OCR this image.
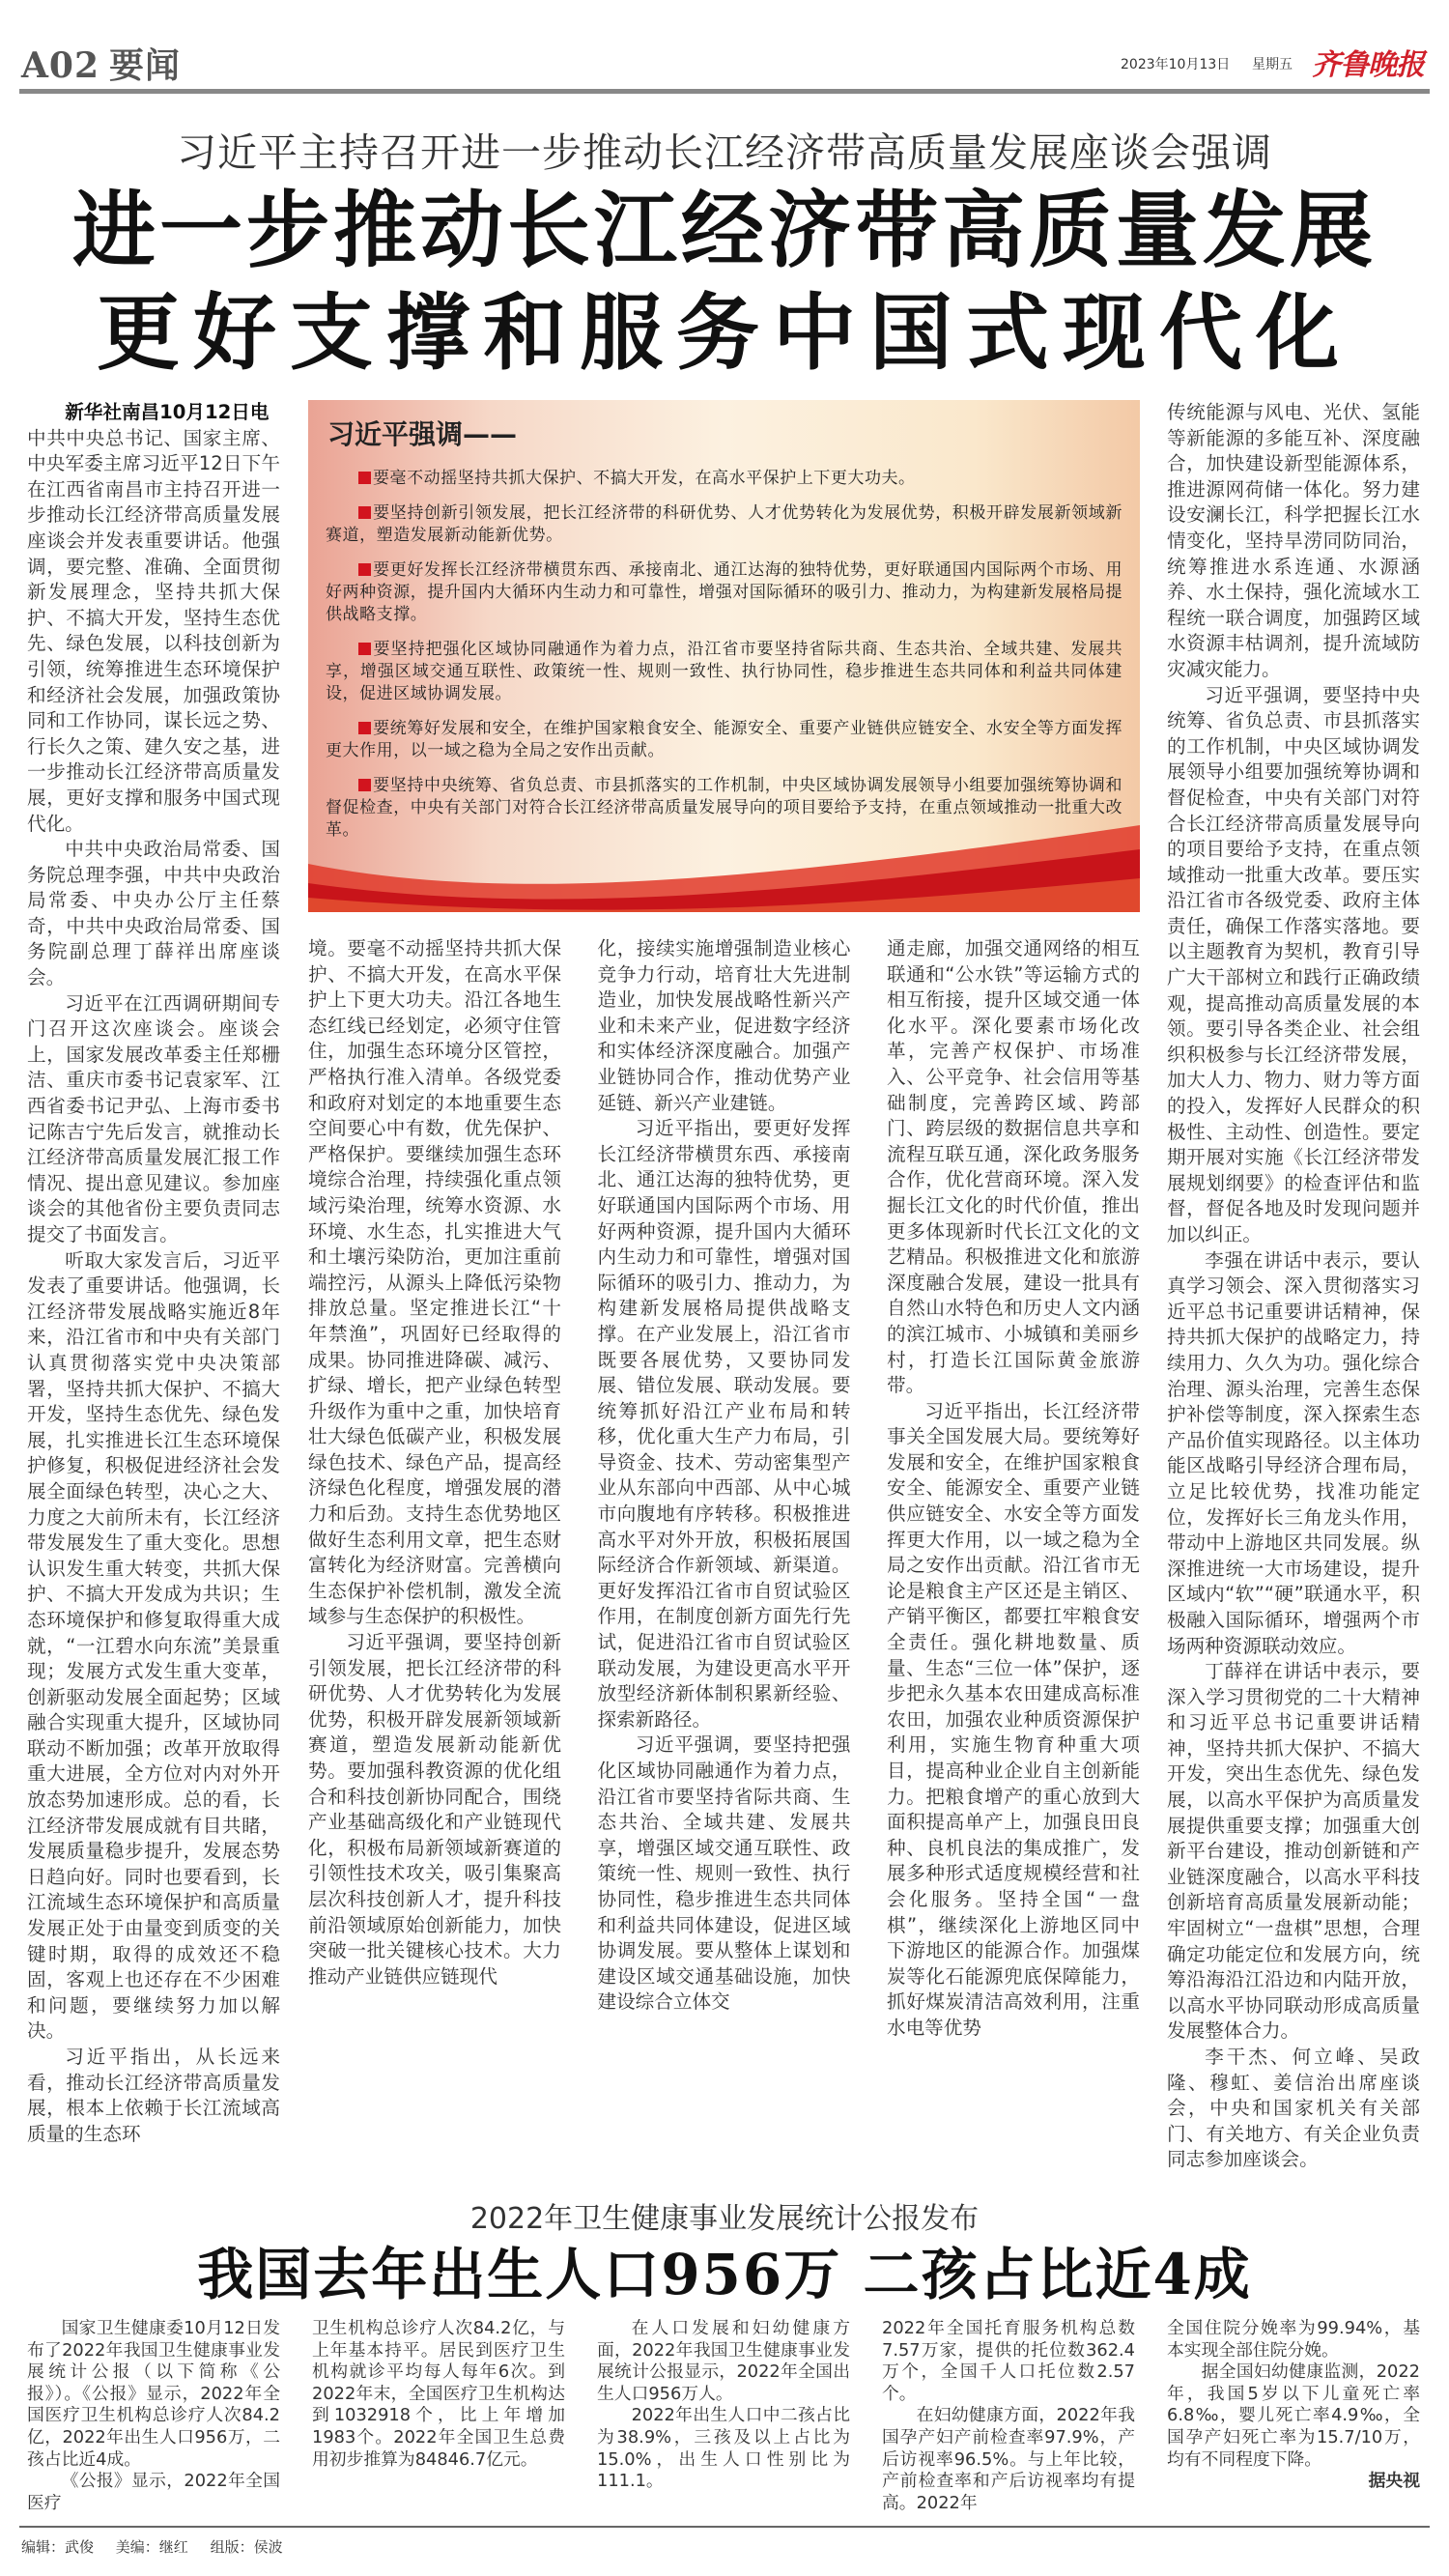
A02 要闻	2023年10月13日 星期五 齐鲁晚报
习近平主持召开进一步推动长江经济带高质量发展座谈会强调
进一步推动长江经济带高质量发展
更好支撑和服务中国式现代化

新华社南昌10月12日电　中共中央总书记、国家主席、中央军委主席习近平12日下午在江西省南昌市主持召开进一步推动长江经济带高质量发展座谈会并发表重要讲话。他强调，要完整、准确、全面贯彻新发展理念，坚持共抓大保护、不搞大开发，坚持生态优先、绿色发展，以科技创新为引领，统筹推进生态环境保护和经济社会发展，加强政策协同和工作协同，谋长远之势、行长久之策、建久安之基，进一步推动长江经济带高质量发展，更好支撑和服务中国式现代化。

中共中央政治局常委、国务院总理李强，中共中央政治局常委、中央办公厅主任蔡奇，中共中央政治局常委、国务院副总理丁薛祥出席座谈会。

习近平在江西调研期间专门召开这次座谈会。座谈会上，国家发展改革委主任郑栅洁、重庆市委书记袁家军、江西省委书记尹弘、上海市委书记陈吉宁先后发言，就推动长江经济带高质量发展汇报工作情况、提出意见建议。参加座谈会的其他省份主要负责同志提交了书面发言。

听取大家发言后，习近平发表了重要讲话。他强调，长江经济带发展战略实施近8年来，沿江省市和中央有关部门认真贯彻落实党中央决策部署，坚持共抓大保护、不搞大开发，坚持生态优先、绿色发展，扎实推进长江生态环境保护修复，积极促进经济社会发展全面绿色转型，决心之大、力度之大前所未有，长江经济带发展发生了重大变化。思想认识发生重大转变，共抓大保护、不搞大开发成为共识；生态环境保护和修复取得重大成就，“一江碧水向东流”美景重现；发展方式发生重大变革，创新驱动发展全面起势；区域融合实现重大提升，区域协同联动不断加强；改革开放取得重大进展，全方位对内对外开放态势加速形成。总的看，长江经济带发展成就有目共睹，发展质量稳步提升，发展态势日趋向好。同时也要看到，长江流域生态环境保护和高质量发展正处于由量变到质变的关键时期，取得的成效还不稳固，客观上也还存在不少困难和问题，要继续努力加以解决。

习近平指出，从长远来看，推动长江经济带高质量发展，根本上依赖于长江流域高质量的生态环

习近平强调——

要毫不动摇坚持共抓大保护、不搞大开发，在高水平保护上下更大功夫。

要坚持创新引领发展，把长江经济带的科研优势、人才优势转化为发展优势，积极开辟发展新领域新赛道，塑造发展新动能新优势。

要更好发挥长江经济带横贯东西、承接南北、通江达海的独特优势，更好联通国内国际两个市场、用好两种资源，提升国内大循环内生动力和可靠性，增强对国际循环的吸引力、推动力，为构建新发展格局提供战略支撑。

要坚持把强化区域协同融通作为着力点，沿江省市要坚持省际共商、生态共治、全域共建、发展共享，增强区域交通互联性、政策统一性、规则一致性、执行协同性，稳步推进生态共同体和利益共同体建设，促进区域协调发展。

要统筹好发展和安全，在维护国家粮食安全、能源安全、重要产业链供应链安全、水安全等方面发挥更大作用，以一域之稳为全局之安作出贡献。

要坚持中央统筹、省负总责、市县抓落实的工作机制，中央区域协调发展领导小组要加强统筹协调和督促检查，中央有关部门对符合长江经济带高质量发展导向的项目要给予支持，在重点领域推动一批重大改革。

境。要毫不动摇坚持共抓大保护、不搞大开发，在高水平保护上下更大功夫。沿江各地生态红线已经划定，必须守住管住，加强生态环境分区管控，严格执行准入清单。各级党委和政府对划定的本地重要生态空间要心中有数，优先保护、严格保护。要继续加强生态环境综合治理，持续强化重点领域污染治理，统筹水资源、水环境、水生态，扎实推进大气和土壤污染防治，更加注重前端控污，从源头上降低污染物排放总量。坚定推进长江“十年禁渔”，巩固好已经取得的成果。协同推进降碳、减污、扩绿、增长，把产业绿色转型升级作为重中之重，加快培育壮大绿色低碳产业，积极发展绿色技术、绿色产品，提高经济绿色化程度，增强发展的潜力和后劲。支持生态优势地区做好生态利用文章，把生态财富转化为经济财富。完善横向生态保护补偿机制，激发全流域参与生态保护的积极性。

习近平强调，要坚持创新引领发展，把长江经济带的科研优势、人才优势转化为发展优势，积极开辟发展新领域新赛道，塑造发展新动能新优势。要加强科教资源的优化组合和科技创新协同配合，围绕产业基础高级化和产业链现代化，积极布局新领域新赛道的引领性技术攻关，吸引集聚高层次科技创新人才，提升科技前沿领域原始创新能力，加快突破一批关键核心技术。大力推动产业链供应链现代

化，接续实施增强制造业核心竞争力行动，培育壮大先进制造业，加快发展战略性新兴产业和未来产业，促进数字经济和实体经济深度融合。加强产业链协同合作，推动优势产业延链、新兴产业建链。

习近平指出，要更好发挥长江经济带横贯东西、承接南北、通江达海的独特优势，更好联通国内国际两个市场、用好两种资源，提升国内大循环内生动力和可靠性，增强对国际循环的吸引力、推动力，为构建新发展格局提供战略支撑。在产业发展上，沿江省市既要各展优势，又要协同发展、错位发展、联动发展。要统筹抓好沿江产业布局和转移，优化重大生产力布局，引导资金、技术、劳动密集型产业从东部向中西部、从中心城市向腹地有序转移。积极推进高水平对外开放，积极拓展国际经济合作新领域、新渠道。更好发挥沿江省市自贸试验区作用，在制度创新方面先行先试，促进沿江省市自贸试验区联动发展，为建设更高水平开放型经济新体制积累新经验、探索新路径。

习近平强调，要坚持把强化区域协同融通作为着力点，沿江省市要坚持省际共商、生态共治、全域共建、发展共享，增强区域交通互联性、政策统一性、规则一致性、执行协同性，稳步推进生态共同体和利益共同体建设，促进区域协调发展。要从整体上谋划和建设区域交通基础设施，加快建设综合立体交

通走廊，加强交通网络的相互联通和“公水铁”等运输方式的相互衔接，提升区域交通一体化水平。深化要素市场化改革，完善产权保护、市场准入、公平竞争、社会信用等基础制度，完善跨区域、跨部门、跨层级的数据信息共享和流程互联互通，深化政务服务合作，优化营商环境。深入发掘长江文化的时代价值，推出更多体现新时代长江文化的文艺精品。积极推进文化和旅游深度融合发展，建设一批具有自然山水特色和历史人文内涵的滨江城市、小城镇和美丽乡村，打造长江国际黄金旅游带。

习近平指出，长江经济带事关全国发展大局。要统筹好发展和安全，在维护国家粮食安全、能源安全、重要产业链供应链安全、水安全等方面发挥更大作用，以一域之稳为全局之安作出贡献。沿江省市无论是粮食主产区还是主销区、产销平衡区，都要扛牢粮食安全责任。强化耕地数量、质量、生态“三位一体”保护，逐步把永久基本农田建成高标准农田，加强农业种质资源保护利用，实施生物育种重大项目，提高种业企业自主创新能力。把粮食增产的重心放到大面积提高单产上，加强良田良种、良机良法的集成推广，发展多种形式适度规模经营和社会化服务。坚持全国“一盘棋”，继续深化上游地区同中下游地区的能源合作。加强煤炭等化石能源兜底保障能力，抓好煤炭清洁高效利用，注重水电等优势

传统能源与风电、光伏、氢能等新能源的多能互补、深度融合，加快建设新型能源体系，推进源网荷储一体化。努力建设安澜长江，科学把握长江水情变化，坚持旱涝同防同治，统筹推进水系连通、水源涵养、水土保持，强化流域水工程统一联合调度，加强跨区域水资源丰枯调剂，提升流域防灾减灾能力。

习近平强调，要坚持中央统筹、省负总责、市县抓落实的工作机制，中央区域协调发展领导小组要加强统筹协调和督促检查，中央有关部门对符合长江经济带高质量发展导向的项目要给予支持，在重点领域推动一批重大改革。要压实沿江省市各级党委、政府主体责任，确保工作落实落地。要以主题教育为契机，教育引导广大干部树立和践行正确政绩观，提高推动高质量发展的本领。要引导各类企业、社会组织积极参与长江经济带发展，加大人力、物力、财力等方面的投入，发挥好人民群众的积极性、主动性、创造性。要定期开展对实施《长江经济带发展规划纲要》的检查评估和监督，督促各地及时发现问题并加以纠正。

李强在讲话中表示，要认真学习领会、深入贯彻落实习近平总书记重要讲话精神，保持共抓大保护的战略定力，持续用力、久久为功。强化综合治理、源头治理，完善生态保护补偿等制度，深入探索生态产品价值实现路径。以主体功能区战略引导经济合理布局，立足比较优势，找准功能定位，发挥好长三角龙头作用，带动中上游地区共同发展。纵深推进统一大市场建设，提升区域内“软”“硬”联通水平，积极融入国际循环，增强两个市场两种资源联动效应。

丁薛祥在讲话中表示，要深入学习贯彻党的二十大精神和习近平总书记重要讲话精神，坚持共抓大保护、不搞大开发，突出生态优先、绿色发展，以高水平保护为高质量发展提供重要支撑；加强重大创新平台建设，推动创新链和产业链深度融合，以高水平科技创新培育高质量发展新动能；牢固树立“一盘棋”思想，合理确定功能定位和发展方向，统筹沿海沿江沿边和内陆开放，以高水平协同联动形成高质量发展整体合力。

李干杰、何立峰、吴政隆、穆虹、姜信治出席座谈会，中央和国家机关有关部门、有关地方、有关企业负责同志参加座谈会。

2022年卫生健康事业发展统计公报发布
我国去年出生人口956万 二孩占比近4成

国家卫生健康委10月12日发布了2022年我国卫生健康事业发展统计公报（以下简称《公报》）。《公报》显示，2022年全国医疗卫生机构总诊疗人次84.2亿，2022年出生人口956万，二孩占比近4成。

《公报》显示，2022年全国医疗

卫生机构总诊疗人次84.2亿，与上年基本持平。居民到医疗卫生机构就诊平均每人每年6次。到2022年末，全国医疗卫生机构达到1032918个，比上年增加1983个。2022年全国卫生总费用初步推算为84846.7亿元。

在人口发展和妇幼健康方面，2022年我国卫生健康事业发展统计公报显示，2022年全国出生人口956万人。

2022年出生人口中二孩占比为38.9%，三孩及以上占比为15.0%，出生人口性别比为111.1。

2022年全国托育服务机构总数7.57万家，提供的托位数362.4万个，全国千人口托位数2.57个。

在妇幼健康方面，2022年我国孕产妇产前检查率97.9%，产后访视率96.5%。与上年比较，产前检查率和产后访视率均有提高。2022年

全国住院分娩率为99.94%，基本实现全部住院分娩。

据全国妇幼健康监测，2022年，我国5岁以下儿童死亡率6.8‰，婴儿死亡率4.9‰，全国孕产妇死亡率为15.7/10万，均有不同程度下降。

据央视

编辑：武俊 美编：继红 组版：侯波
